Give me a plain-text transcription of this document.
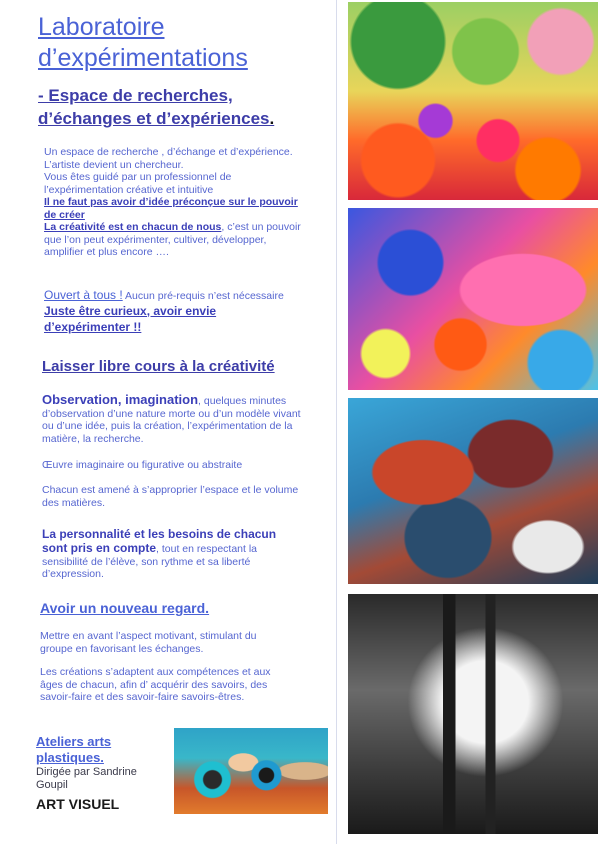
Laboratoire
d’expérimentations
- Espace de recherches,
d’échanges et d’expériences.
Un espace de recherche , d’échange et d’expérience.
L’artiste devient un chercheur.
Vous êtes guidé par un professionnel de
l’expérimentation créative et intuitive
Il ne faut pas avoir d’idée préconçue sur le pouvoir
de créer
La créativité est en chacun de nous, c’est un pouvoir
que l’on peut expérimenter, cultiver, développer,
amplifier et plus encore ….
Ouvert à tous ! Aucun pré-requis n’est nécessaire
Juste être curieux, avoir envie
d’expérimenter !!
Laisser libre cours à la créativité
Observation, imagination, quelques minutes
d’observation d’une nature morte ou d’un modèle vivant
ou d’une idée, puis la création, l’expérimentation de la
matière, la recherche.
Œuvre imaginaire ou figurative ou abstraite
Chacun est amené à s’approprier l’espace et le volume
des matières.
La personnalité et les besoins de chacun
sont pris en compte, tout en respectant la
sensibilité de l’élève, son rythme et sa liberté
d’expression.
Avoir un nouveau regard.
Mettre en avant l’aspect motivant, stimulant du
groupe en favorisant les échanges.
Les créations s’adaptent aux compétences et aux
âges de chacun, afin d’ acquérir des savoirs, des
savoir-faire et des savoir-faire savoirs-êtres.
Ateliers arts
plastiques.
Dirigée par Sandrine
Goupil
ART VISUEL
